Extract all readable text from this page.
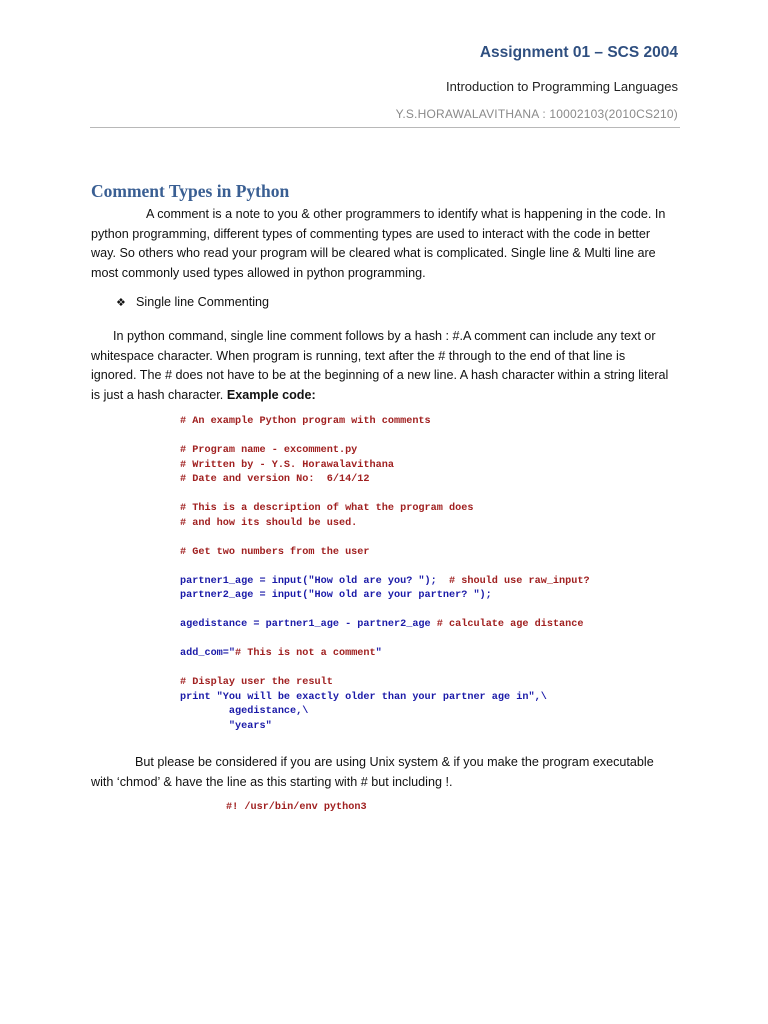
Assignment 01 – SCS 2004
Introduction to Programming Languages
Y.S.HORAWALAVITHANA : 10002103(2010CS210)
Comment Types in Python
A comment is a note to you & other programmers to identify what is happening in the code. In
python programming, different types of commenting types are used to interact with the code in better
way. So others who read your program will be cleared what is complicated. Single line & Multi line are
most commonly used types allowed in python programming.
❖ Single line Commenting
In python command, single line comment follows by a hash : #.A comment can include any text or
whitespace character. When program is running, text after the # through to the end of that line is
ignored. The # does not have to be at the beginning of a new line. A hash character within a string literal
is just a hash character. Example code:
# An example Python program with comments
# Program name - excomment.py
# Written by - Y.S. Horawalavithana
# Date and version No:  6/14/12
# This is a description of what the program does
# and how its should be used.
# Get two numbers from the user
partner1_age = input("How old are you? ");  # should use raw_input?
partner2_age = input("How old are your partner? ");
agedistance = partner1_age - partner2_age # calculate age distance
add_com="# This is not a comment"
# Display user the result
print "You will be exactly older than your partner age in",\
agedistance,\
"years"
But please be considered if you are using Unix system & if you make the program executable
with ‘chmod’ & have the line as this starting with # but including !.
#! /usr/bin/env python3
